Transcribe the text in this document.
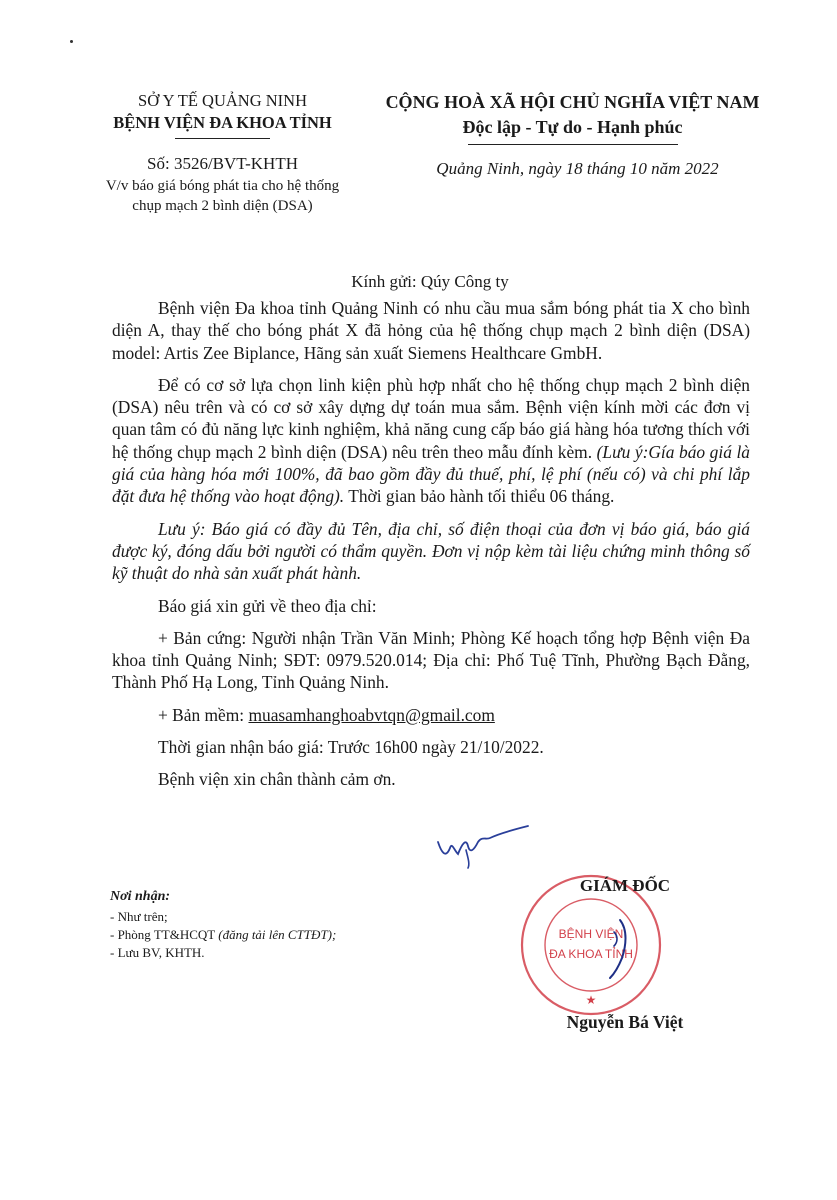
SỞ Y TẾ QUẢNG NINH
BỆNH VIỆN ĐA KHOA TỈNH
Số: 3526/BVT-KHTH
V/v báo giá bóng phát tia cho hệ thống
chụp mạch 2 bình diện (DSA)
CỘNG HOÀ XÃ HỘI CHỦ NGHĨA VIỆT NAM
Độc lập - Tự do - Hạnh phúc
Quảng Ninh, ngày 18 tháng 10 năm 2022
Kính gửi: Qúy Công ty

Bệnh viện Đa khoa tỉnh Quảng Ninh có nhu cầu mua sắm bóng phát tia X cho bình diện A, thay thế cho bóng phát X đã hỏng của hệ thống chụp mạch 2 bình diện (DSA) model: Artis Zee Biplance, Hãng sản xuất Siemens Healthcare GmbH.

Để có cơ sở lựa chọn linh kiện phù hợp nhất cho hệ thống chụp mạch 2 bình diện (DSA) nêu trên và có cơ sở xây dựng dự toán mua sắm. Bệnh viện kính mời các đơn vị quan tâm có đủ năng lực kinh nghiệm, khả năng cung cấp báo giá hàng hóa tương thích với hệ thống chụp mạch 2 bình diện (DSA) nêu trên theo mẫu đính kèm. (Lưu ý:Gía báo giá là giá của hàng hóa mới 100%, đã bao gồm đầy đủ thuế, phí, lệ phí (nếu có) và chi phí lắp đặt đưa hệ thống vào hoạt động). Thời gian bảo hành tối thiểu 06 tháng.

Lưu ý: Báo giá có đầy đủ Tên, địa chỉ, số điện thoại của đơn vị báo giá, báo giá được ký, đóng dấu bởi người có thẩm quyền. Đơn vị nộp kèm tài liệu chứng minh thông số kỹ thuật do nhà sản xuất phát hành.

Báo giá xin gửi về theo địa chỉ:

+ Bản cứng: Người nhận Trần Văn Minh; Phòng Kế hoạch tổng hợp Bệnh viện Đa khoa tỉnh Quảng Ninh; SĐT: 0979.520.014; Địa chỉ: Phố Tuệ Tĩnh, Phường Bạch Đằng, Thành Phố Hạ Long, Tỉnh Quảng Ninh.

+ Bản mềm: muasamhanghoabvtqn@gmail.com

Thời gian nhận báo giá: Trước 16h00 ngày 21/10/2022.

Bệnh viện xin chân thành cảm ơn.

Nơi nhận:
- Như trên;
- Phòng TT&HCQT (đăng tải lên CTTĐT);
- Lưu BV, KHTH.
BỆNH VIỆN
ĐA KHOA TỈNH
★
GIÁM ĐỐC
Nguyễn Bá Việt
